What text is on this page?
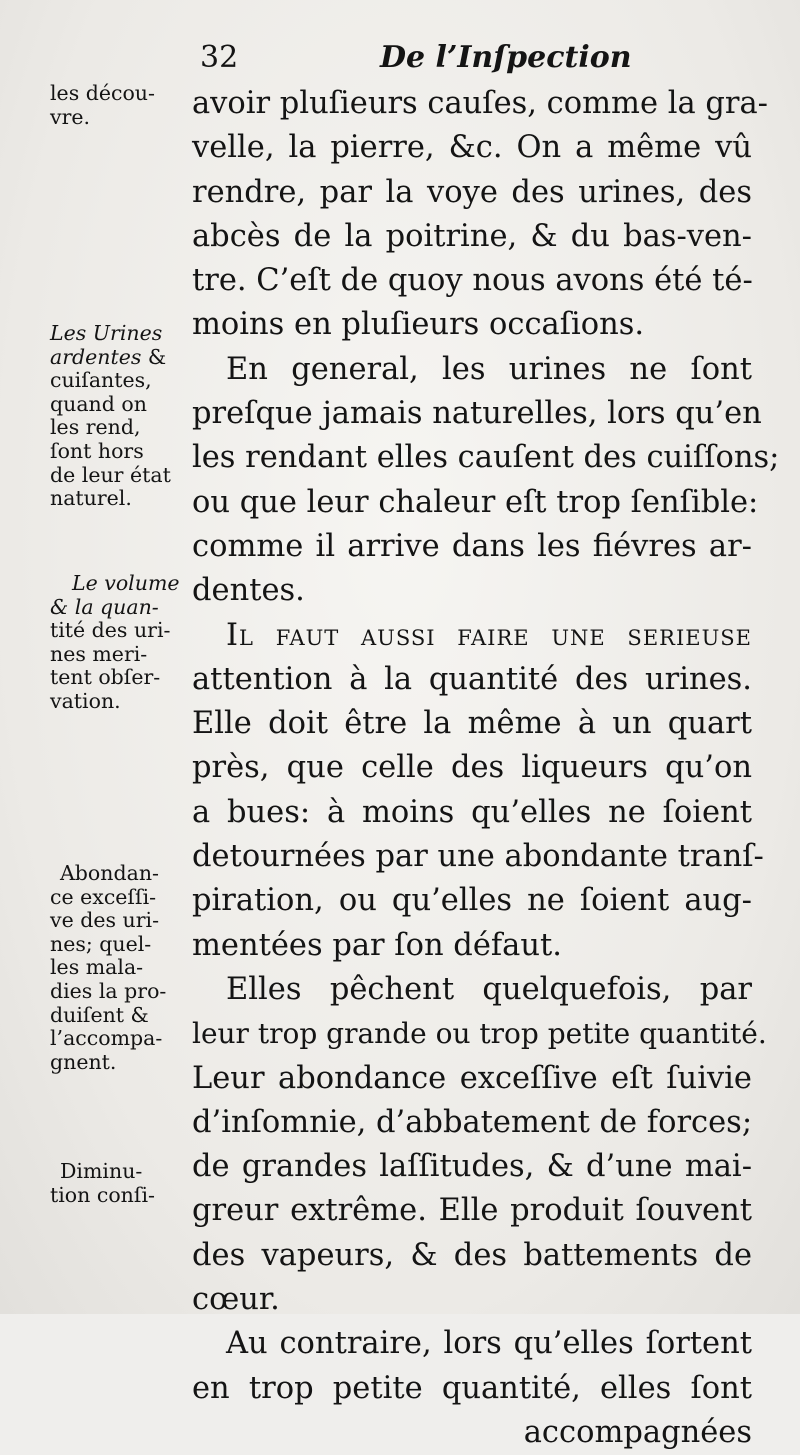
32	De l’Inſpection
avoir pluſieurs cauſes, comme la gra-
velle, la pierre, &c. On a même vû
rendre, par la voye des urines, des
abcès de la poitrine, & du bas-ven-
tre. C’eſt de quoy nous avons été té-
moins en pluſieurs occaſions.
En general, les urines ne ſont
preſque jamais naturelles, lors qu’en
les rendant elles cauſent des cuiſſons;
ou que leur chaleur eſt trop ſenſible:
comme il arrive dans les fiévres ar-
dentes.
Il faut aussi faire une ſerieuſe
attention à la quantité des urines.
Elle doit être la même à un quart
près, que celle des liqueurs qu’on
a bues: à moins qu’elles ne ſoient
detournées par une abondante tranſ-
piration, ou qu’elles ne ſoient aug-
mentées par ſon défaut.
Elles pêchent quelquefois, par
leur trop grande ou trop petite quantité.
Leur abondance exceſſive eſt ſuivie
d’inſomnie, d’abbatement de forces;
de grandes laſſitudes, & d’une mai-
greur extrême. Elle produit ſouvent
des vapeurs, & des battements de
cœur.
Au contraire, lors qu’elles ſortent
en trop petite quantité, elles ſont
accompagnées
les décou-
vre.
Les Urines
ardentes &
cuiſantes,
quand on
les rend,
ſont hors
de leur état
naturel.
Le volume
& la quan-
tité des uri-
nes meri-
tent obſer-
vation.
Abondan-
ce exceſſi-
ve des uri-
nes; quel-
les mala-
dies la pro-
duiſent &
l’accompa-
gnent.
Diminu-
tion conſi-
